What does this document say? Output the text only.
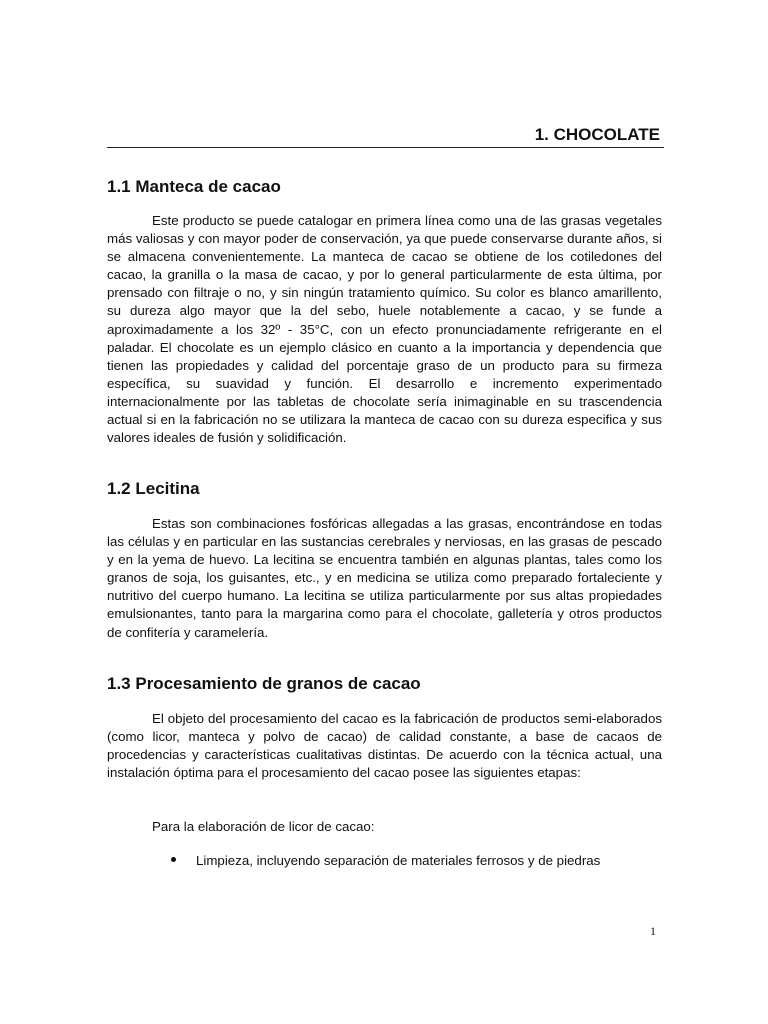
1. CHOCOLATE
1.1 Manteca de cacao

Este producto se puede catalogar en primera línea como una de las grasas vegetales más valiosas y con mayor poder de conservación, ya que puede conservarse durante años, si se almacena convenientemente. La manteca de cacao se obtiene de los cotiledones del cacao, la granilla o la masa de cacao, y por lo general particularmente de esta última, por prensado con filtraje o no, y sin ningún tratamiento químico. Su color es blanco amarillento, su dureza algo mayor que la del sebo, huele notablemente a cacao, y se funde a aproximadamente a los 32º - 35°C, con un efecto pronunciadamente refrigerante en el paladar. El chocolate es un ejemplo clásico en cuanto a la importancia y dependencia que tienen las propiedades y calidad del porcentaje graso de un producto para su firmeza específica, su suavidad y función. El desarrollo e incremento experimentado internacionalmente por las tabletas de chocolate sería inimaginable en su trascendencia actual si en la fabricación no se utilizara la manteca de cacao con su dureza especifica y sus valores ideales de fusión y solidificación.

1.2 Lecitina

Estas son combinaciones fosfóricas allegadas a las grasas, encontrándose en todas las células y en particular en las sustancias cerebrales y nerviosas, en las grasas de pescado y en la yema de huevo. La lecitina se encuentra también en algunas plantas, tales como los granos de soja, los guisantes, etc., y en medicina se utiliza como preparado fortaleciente y nutritivo del cuerpo humano. La lecitina se utiliza particularmente por sus altas propiedades emulsionantes, tanto para la margarina como para el chocolate, galletería y otros productos de confitería y caramelería.

1.3 Procesamiento de granos de cacao

El objeto del procesamiento del cacao es la fabricación de productos semi-elaborados (como licor, manteca y polvo de cacao) de calidad constante, a base de cacaos de procedencias y características cualitativas distintas. De acuerdo con la técnica actual, una instalación óptima para el procesamiento del cacao posee las siguientes etapas:

Para la elaboración de licor de cacao:

Limpieza, incluyendo separación de materiales ferrosos y de piedras

1
